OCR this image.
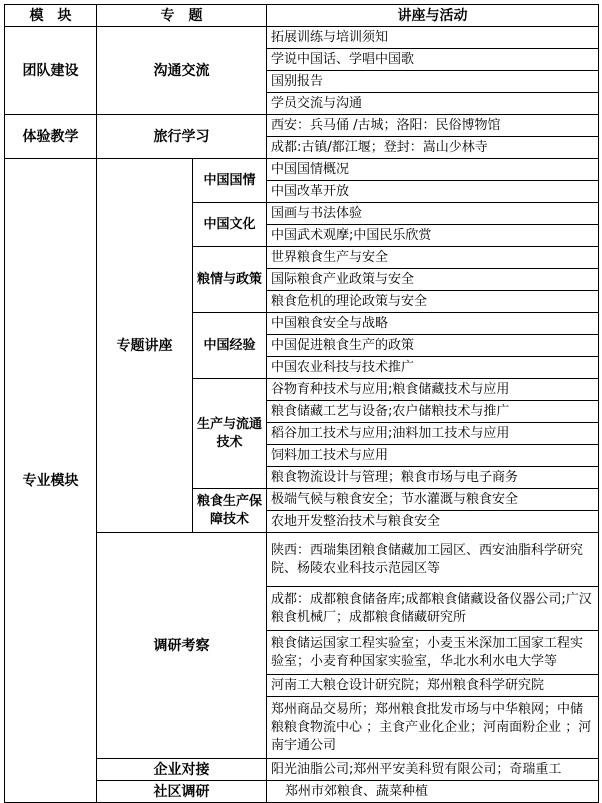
模　块	专　题		讲座与活动
团队建设	沟通交流		拓展训练与培训须知
			学说中国话、学唱中国歌
			国别报告
			学员交流与沟通
体验教学	旅行学习		西安：兵马俑 /古城；洛阳：民俗博物馆
			成都:古镇/都江堰；登封：嵩山少林寺
专业模块	专题讲座	中国国情	中国国情概况
			中国改革开放
		中国文化	国画与书法体验
			中国武术观摩;中国民乐欣赏
		粮情与政策	世界粮食生产与安全
			国际粮食产业政策与安全
			粮食危机的理论政策与安全
		中国经验	中国粮食安全与战略
			中国促进粮食生产的政策
			中国农业科技与技术推广
		生产与流通技术	谷物育种技术与应用;粮食储藏技术与应用
			粮食储藏工艺与设备;农户储粮技术与推广
			稻谷加工技术与应用;油料加工技术与应用
			饲料加工技术与应用
			粮食物流设计与管理；粮食市场与电子商务
		粮食生产保障技术	极端气候与粮食安全；节水灌溉与粮食安全
			农地开发整治技术与粮食安全
	调研考察		陕西：西瑞集团粮食储藏加工园区、西安油脂科学研究院、杨陵农业科技示范园区等
			成都：成都粮食储备库;成都粮食储藏设备仪器公司;广汉粮食机械厂；成都粮食储藏研究所
			粮食储运国家工程实验室；小麦玉米深加工国家工程实验室；小麦育种国家实验室，华北水利水电大学等
			河南工大粮仓设计研究院；郑州粮食科学研究院
			郑州商品交易所；郑州粮食批发市场与中华粮网；中储粮粮食物流中心 ；主食产业化企业；河南面粉企业 ；河南宇通公司
	企业对接		阳光油脂公司;郑州平安美科贸有限公司；奇瑞重工
	社区调研		郑州市郊粮食、蔬菜种植
